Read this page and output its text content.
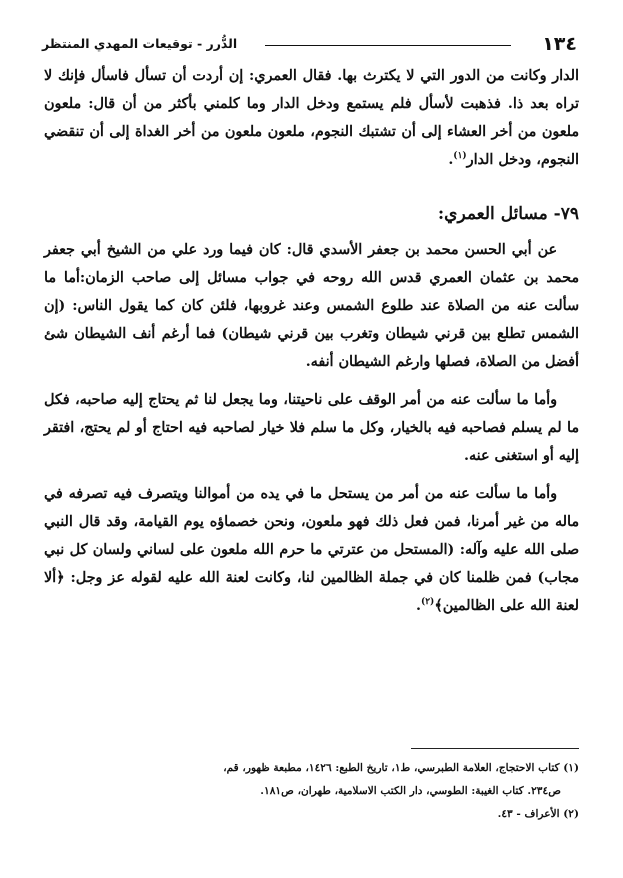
١٣٤
الدُّرر - توقيعات المهدي المنتظر

الدار وكانت من الدور التي لا يكترث بها. فقال العمري: إن أردت أن تسأل فاسأل فإنك لا تراه بعد ذا. فذهبت لأسأل فلم يستمع ودخل الدار وما كلمني بأكثر من أن قال: ملعون ملعون من أخر العشاء إلى أن تشتبك النجوم، ملعون ملعون من أخر الغداة إلى أن تنقضي النجوم، ودخل الدار$^{(١)}$.

٧٩- مسائل العمري:

عن أبي الحسن محمد بن جعفر الأسدي قال: كان فيما ورد علي من الشيخ أبي جعفر محمد بن عثمان العمري قدس الله روحه في جواب مسائل إلى صاحب الزمان:أما ما سألت عنه من الصلاة عند طلوع الشمس وعند غروبها، فلئن كان كما يقول الناس: (إن الشمس تطلع بين قرني شيطان وتغرب بين قرني شيطان) فما أرغم أنف الشيطان شئ أفضل من الصلاة، فصلها وارغم الشيطان أنفه.

وأما ما سألت عنه من أمر الوقف على ناحيتنا، وما يجعل لنا ثم يحتاج إليه صاحبه، فكل ما لم يسلم فصاحبه فيه بالخيار، وكل ما سلم فلا خيار لصاحبه فيه احتاج أو لم يحتج، افتقر إليه أو استغنى عنه.

وأما ما سألت عنه من أمر من يستحل ما في يده من أموالنا ويتصرف فيه تصرفه في ماله من غير أمرنا، فمن فعل ذلك فهو ملعون، ونحن خصماؤه يوم القيامة، وقد قال النبي صلى الله عليه وآله: (المستحل من عترتي ما حرم الله ملعون على لساني ولسان كل نبي مجاب) فمن ظلمنا كان في جملة الظالمين لنا، وكانت لعنة الله عليه لقوله عز وجل: ﴿ألا لعنة الله على الظالمين﴾$^{(٢)}$.

(١) كتاب الاحتجاج، العلامة الطبرسي، ط١، تاريخ الطبع: ١٤٢٦، مطبعة ظهور، قم،

ص٢٣٤. كتاب الغيبة: الطوسي، دار الكتب الاسلامية، طهران، ص١٨١.

(٢) الأعراف - ٤٣.
